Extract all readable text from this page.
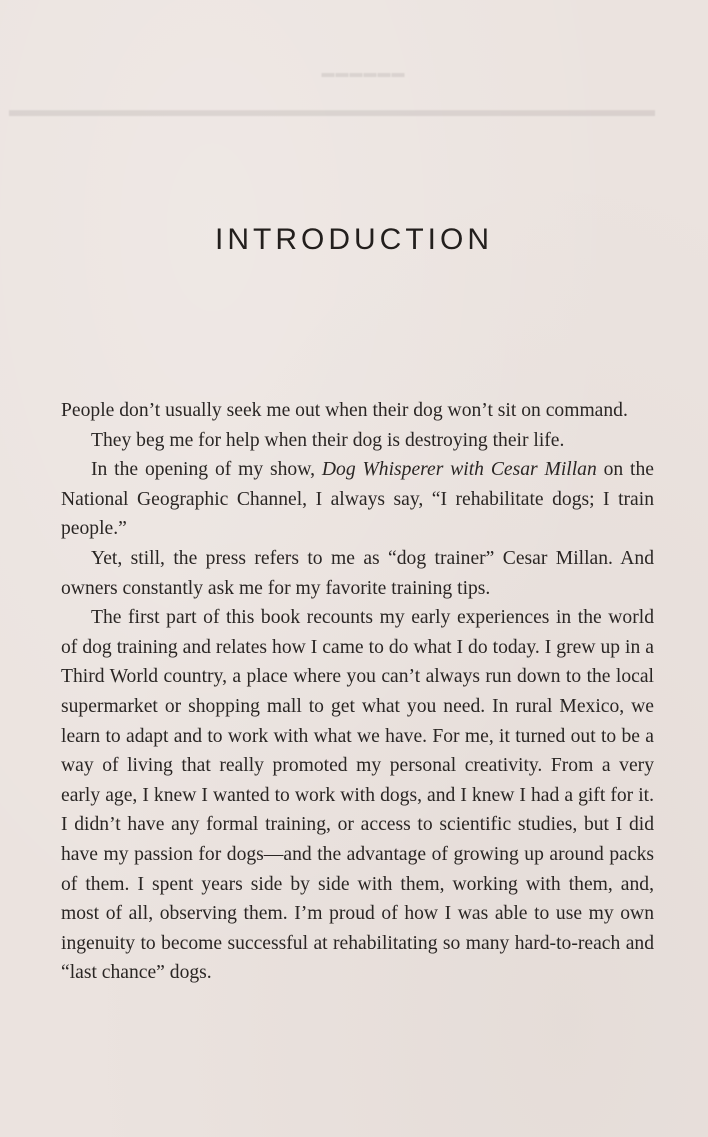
▬▬▬▬▬▬
▬▬▬▬▬▬▬▬▬▬▬▬▬▬▬▬▬▬▬▬▬▬▬▬▬▬▬▬▬▬▬▬▬▬
INTRODUCTION

People don’t usually seek me out when their dog won’t sit on command.

They beg me for help when their dog is destroying their life.

In the opening of my show, Dog Whisperer with Cesar Millan on the National Geographic Channel, I always say, “I rehabilitate dogs; I train people.”

Yet, still, the press refers to me as “dog trainer” Cesar Millan. And owners constantly ask me for my favorite training tips.

The first part of this book recounts my early experiences in the world of dog training and relates how I came to do what I do today. I grew up in a Third World country, a place where you can’t always run down to the local supermarket or shopping mall to get what you need. In rural Mexico, we learn to adapt and to work with what we have. For me, it turned out to be a way of living that really promoted my personal creativity. From a very early age, I knew I wanted to work with dogs, and I knew I had a gift for it. I didn’t have any formal training, or access to scientific studies, but I did have my passion for dogs—and the advantage of growing up around packs of them. I spent years side by side with them, working with them, and, most of all, observing them. I’m proud of how I was able to use my own ingenuity to become successful at rehabilitating so many hard-to-reach and “last chance” dogs.
